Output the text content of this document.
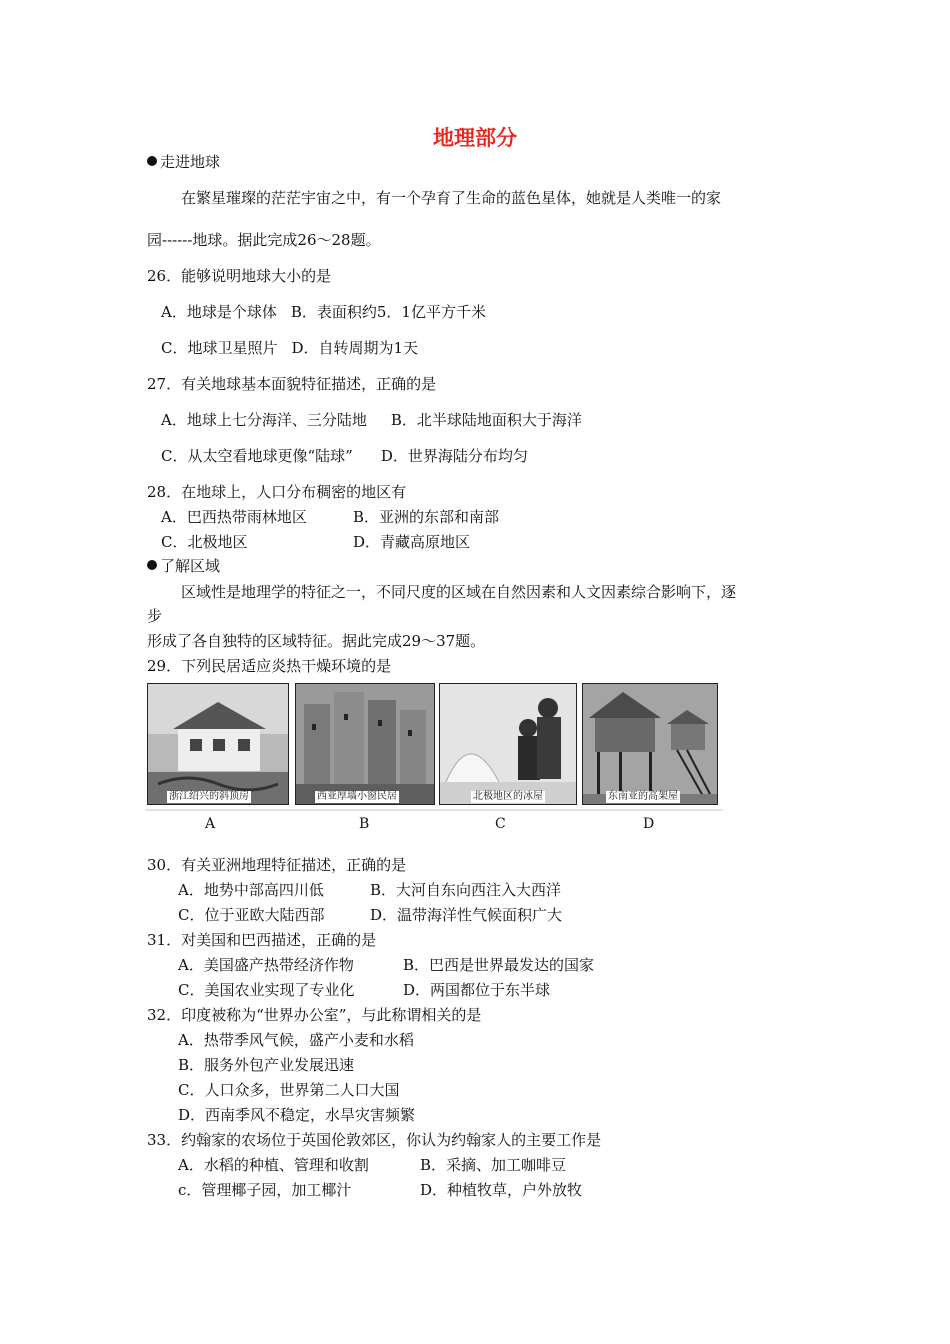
地理部分
走进地球
在繁星璀璨的茫茫宇宙之中，有一个孕育了生命的蓝色星体，她就是人类唯一的家
园------地球。据此完成26～28题。
26．能够说明地球大小的是
A．地球是个球体 B．表面积约5．1亿平方千米
C．地球卫星照片 D．自转周期为1天
27．有关地球基本面貌特征描述，正确的是
A．地球上七分海洋、三分陆地 B．北半球陆地面积大于海洋
C．从太空看地球更像“陆球” D．世界海陆分布均匀
28．在地球上，人口分布稠密的地区有
A．巴西热带雨林地区	B．亚洲的东部和南部
C．北极地区	D．青藏高原地区
了解区域
区域性是地理学的特征之一，不同尺度的区域在自然因素和人文因素综合影响下，逐
步
形成了各自独特的区域特征。据此完成29～37题。
29．下列民居适应炎热干燥环境的是
浙江绍兴的斜顶房
A
西亚厚墙小窗民居
B
北极地区的冰屋
C
东南亚的高架屋
D
30．有关亚洲地理特征描述，正确的是
A．地势中部高四川低	B．大河自东向西注入大西洋
C．位于亚欧大陆西部	D．温带海洋性气候面积广大
31．对美国和巴西描述，正确的是
A．美国盛产热带经济作物	B．巴西是世界最发达的国家
C．美国农业实现了专业化	D．两国都位于东半球
32．印度被称为“世界办公室”，与此称谓相关的是
A．热带季风气候，盛产小麦和水稻
B．服务外包产业发展迅速
C．人口众多，世界第二人口大国
D．西南季风不稳定，水旱灾害频繁
33．约翰家的农场位于英国伦敦郊区，你认为约翰家人的主要工作是
A．水稻的种植、管理和收割	B．采摘、加工咖啡豆
c．管理椰子园，加工椰汁	D．种植牧草，户外放牧
